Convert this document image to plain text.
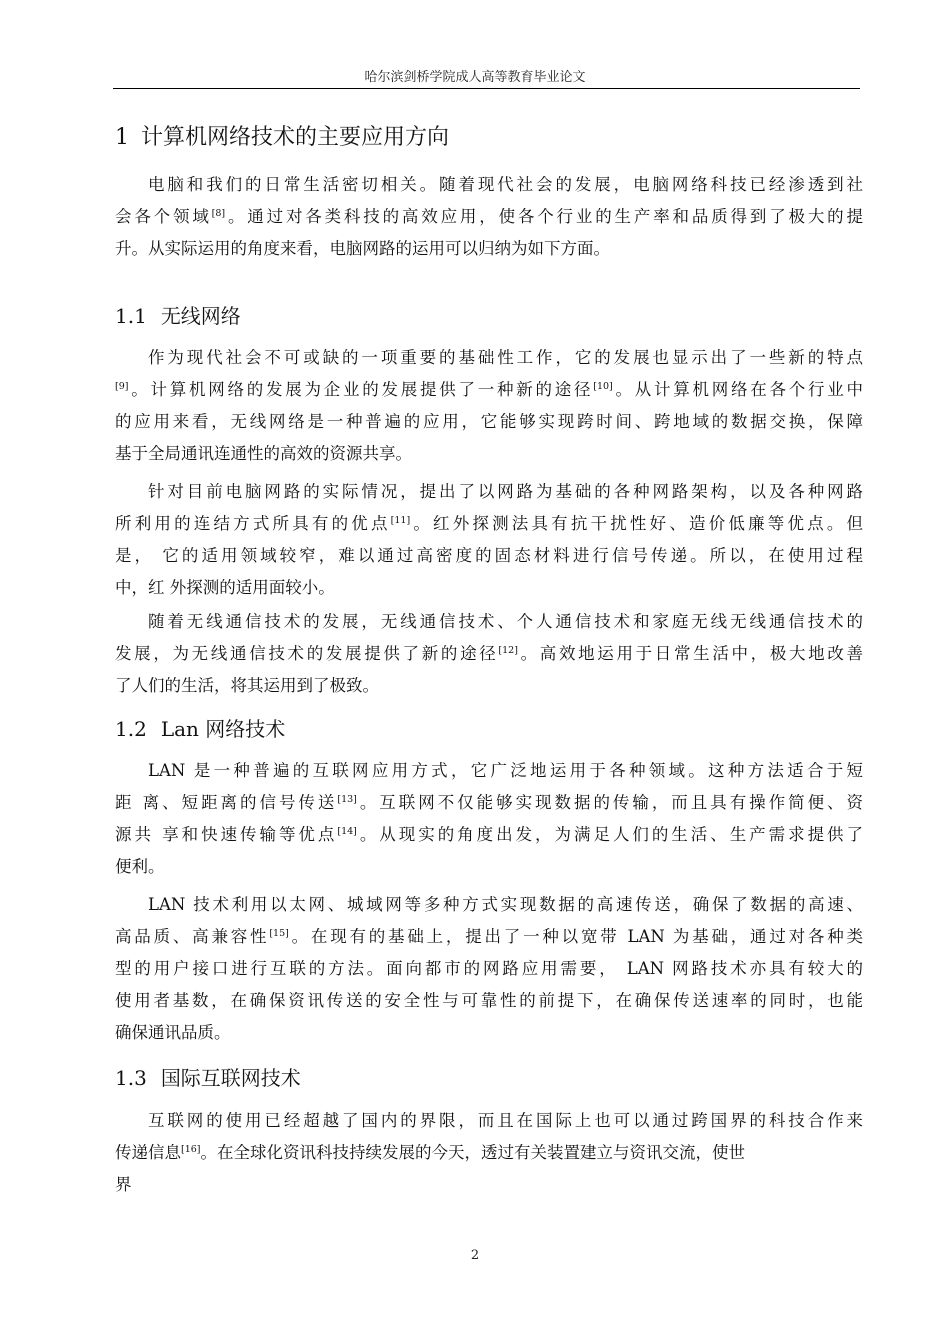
哈尔滨剑桥学院成人高等教育毕业论文
1 计算机网络技术的主要应用方向
电脑和我们的日常生活密切相关。随着现代社会的发展，电脑网络科技已经渗透到社
会各个领域[8]。通过对各类科技的高效应用，使各个行业的生产率和品质得到了极大的提
升。从实际运用的角度来看，电脑网路的运用可以归纳为如下方面。
1.1 无线网络
作为现代社会不可或缺的一项重要的基础性工作，它的发展也显示出了一些新的特点
[9]。计算机网络的发展为企业的发展提供了一种新的途径[10]。从计算机网络在各个行业中
的应用来看，无线网络是一种普遍的应用，它能够实现跨时间、跨地域的数据交换，保障
基于全局通讯连通性的高效的资源共享。
针对目前电脑网路的实际情况，提出了以网路为基础的各种网路架构，以及各种网路
所利用的连结方式所具有的优点[11]。红外探测法具有抗干扰性好、造价低廉等优点。但
是， 它的适用领域较窄，难以通过高密度的固态材料进行信号传递。所以，在使用过程
中，红 外探测的适用面较小。
随着无线通信技术的发展，无线通信技术、个人通信技术和家庭无线无线通信技术的
发展，为无线通信技术的发展提供了新的途径[12]。高效地运用于日常生活中，极大地改善
了人们的生活，将其运用到了极致。
1.2 Lan 网络技术
LAN 是一种普遍的互联网应用方式，它广泛地运用于各种领域。这种方法适合于短
距 离、短距离的信号传送[13]。互联网不仅能够实现数据的传输，而且具有操作简便、资
源共 享和快速传输等优点[14]。从现实的角度出发，为满足人们的生活、生产需求提供了
便利。
LAN 技术利用以太网、城域网等多种方式实现数据的高速传送，确保了数据的高速、
高品质、高兼容性[15]。在现有的基础上，提出了一种以宽带 LAN 为基础，通过对各种类
型的用户接口进行互联的方法。面向都市的网路应用需要， LAN 网路技术亦具有较大的
使用者基数，在确保资讯传送的安全性与可靠性的前提下，在确保传送速率的同时，也能
确保通讯品质。
1.3 国际互联网技术
互联网的使用已经超越了国内的界限，而且在国际上也可以通过跨国界的科技合作来
传递信息[16]。在全球化资讯科技持续发展的今天，透过有关装置建立与资讯交流，使世
界
2
